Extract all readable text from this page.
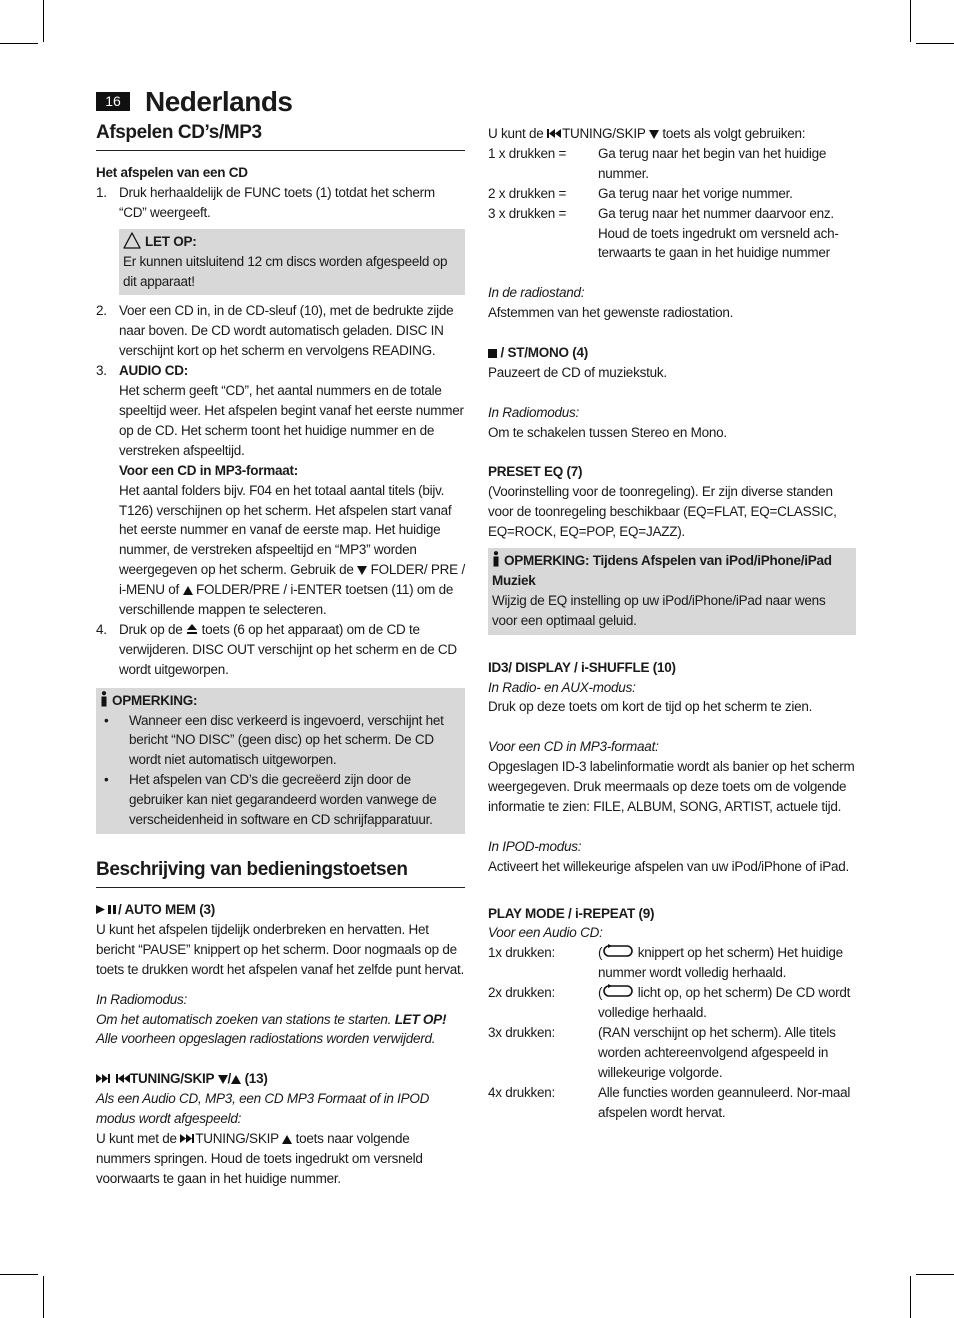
16 Nederlands
Afspelen CD’s/MP3

Het afspelen van een CD

1. Druk herhaaldelijk de FUNC toets (1) totdat het scherm “CD” weergeeft.
LET OP:

Er kunnen uitsluitend 12 cm discs worden afgespeeld op dit apparaat!

2. Voer een CD in, in de CD-sleuf (10), met de bedrukte zijde naar boven. De CD wordt automatisch geladen. DISC IN verschijnt kort op het scherm en vervolgens READING.
3. AUDIO CD:

Het scherm geeft “CD”, het aantal nummers en de totale speeltijd weer. Het afspelen begint vanaf het eerste nummer op de CD. Het scherm toont het huidige nummer en de verstreken afspeeltijd.

Voor een CD in MP3-formaat:

Het aantal folders bijv. F04 en het totaal aantal titels (bijv. T126) verschijnen op het scherm. Het afspelen start vanaf het eerste nummer en vanaf de eerste map. Het huidige nummer, de verstreken afspeeltijd en “MP3” worden weergegeven op het scherm. Gebruik de FOLDER/ PRE / i-MENU of FOLDER/PRE / i-ENTER toetsen (11) om de verschillende mappen te selecteren.

4. Druk op de toets (6 op het apparaat) om de CD te verwijderen. DISC OUT verschijnt op het scherm en de CD wordt uitgeworpen.

OPMERKING:
•	Wanneer een disc verkeerd is ingevoerd, verschijnt het bericht “NO DISC” (geen disc) op het scherm. De CD wordt niet automatisch uitgeworpen.
•	Het afspelen van CD’s die gecreëerd zijn door de gebruiker kan niet gegarandeerd worden vanwege de verscheidenheid in software en CD schrijfapparatuur.
Beschrijving van bedieningstoetsen

/ AUTO MEM (3)

U kunt het afspelen tijdelijk onderbreken en hervatten. Het bericht “PAUSE” knippert op het scherm. Door nogmaals op de toets te drukken wordt het afspelen vanaf het zelfde punt hervat.

In Radiomodus:

Om het automatisch zoeken van stations te starten. LET OP! Alle voorheen opgeslagen radiostations worden verwijderd.

TUNING/SKIP / (13)

Als een Audio CD, MP3, een CD MP3 Formaat of in IPOD modus wordt afgespeeld:

U kunt met de TUNING/SKIP toets naar volgende nummers springen. Houd de toets ingedrukt om versneld voorwaarts te gaan in het huidige nummer.

U kunt de TUNING/SKIP toets als volgt gebruiken:

1 x drukken =	Ga terug naar het begin van het huidige nummer.
2 x drukken =	Ga terug naar het vorige nummer.
3 x drukken =	Ga terug naar het nummer daarvoor enz. Houd de toets ingedrukt om versneld ach-terwaarts te gaan in het huidige nummer

In de radiostand:

Afstemmen van het gewenste radiostation.

/ ST/MONO (4)

Pauzeert de CD of muziekstuk.

In Radiomodus:

Om te schakelen tussen Stereo en Mono.

PRESET EQ (7)

(Voorinstelling voor de toonregeling). Er zijn diverse standen voor de toonregeling beschikbaar (EQ=FLAT, EQ=CLASSIC, EQ=ROCK, EQ=POP, EQ=JAZZ).

OPMERKING: Tijdens Afspelen van iPod/iPhone/iPad Muziek

Wijzig de EQ instelling op uw iPod/iPhone/iPad naar wens voor een optimaal geluid.

ID3/ DISPLAY / i-SHUFFLE (10)

In Radio- en AUX-modus:

Druk op deze toets om kort de tijd op het scherm te zien.

Voor een CD in MP3-formaat:

Opgeslagen ID-3 labelinformatie wordt als banier op het scherm weergegeven. Druk meermaals op deze toets om de volgende informatie te zien: FILE, ALBUM, SONG, ARTIST, actuele tijd.

In IPOD-modus:

Activeert het willekeurige afspelen van uw iPod/iPhone of iPad.

PLAY MODE / i-REPEAT (9)

Voor een Audio CD:

1x drukken:	(	knippert op het scherm) Het huidige nummer wordt volledig herhaald.
2x drukken:	(	licht op, op het scherm) De CD wordt volledige herhaald.
3x drukken:	(RAN verschijnt op het scherm). Alle titels worden achtereenvolgend afgespeeld in willekeurige volgorde.
4x drukken:	Alle functies worden geannuleerd. Nor-maal afspelen wordt hervat.
